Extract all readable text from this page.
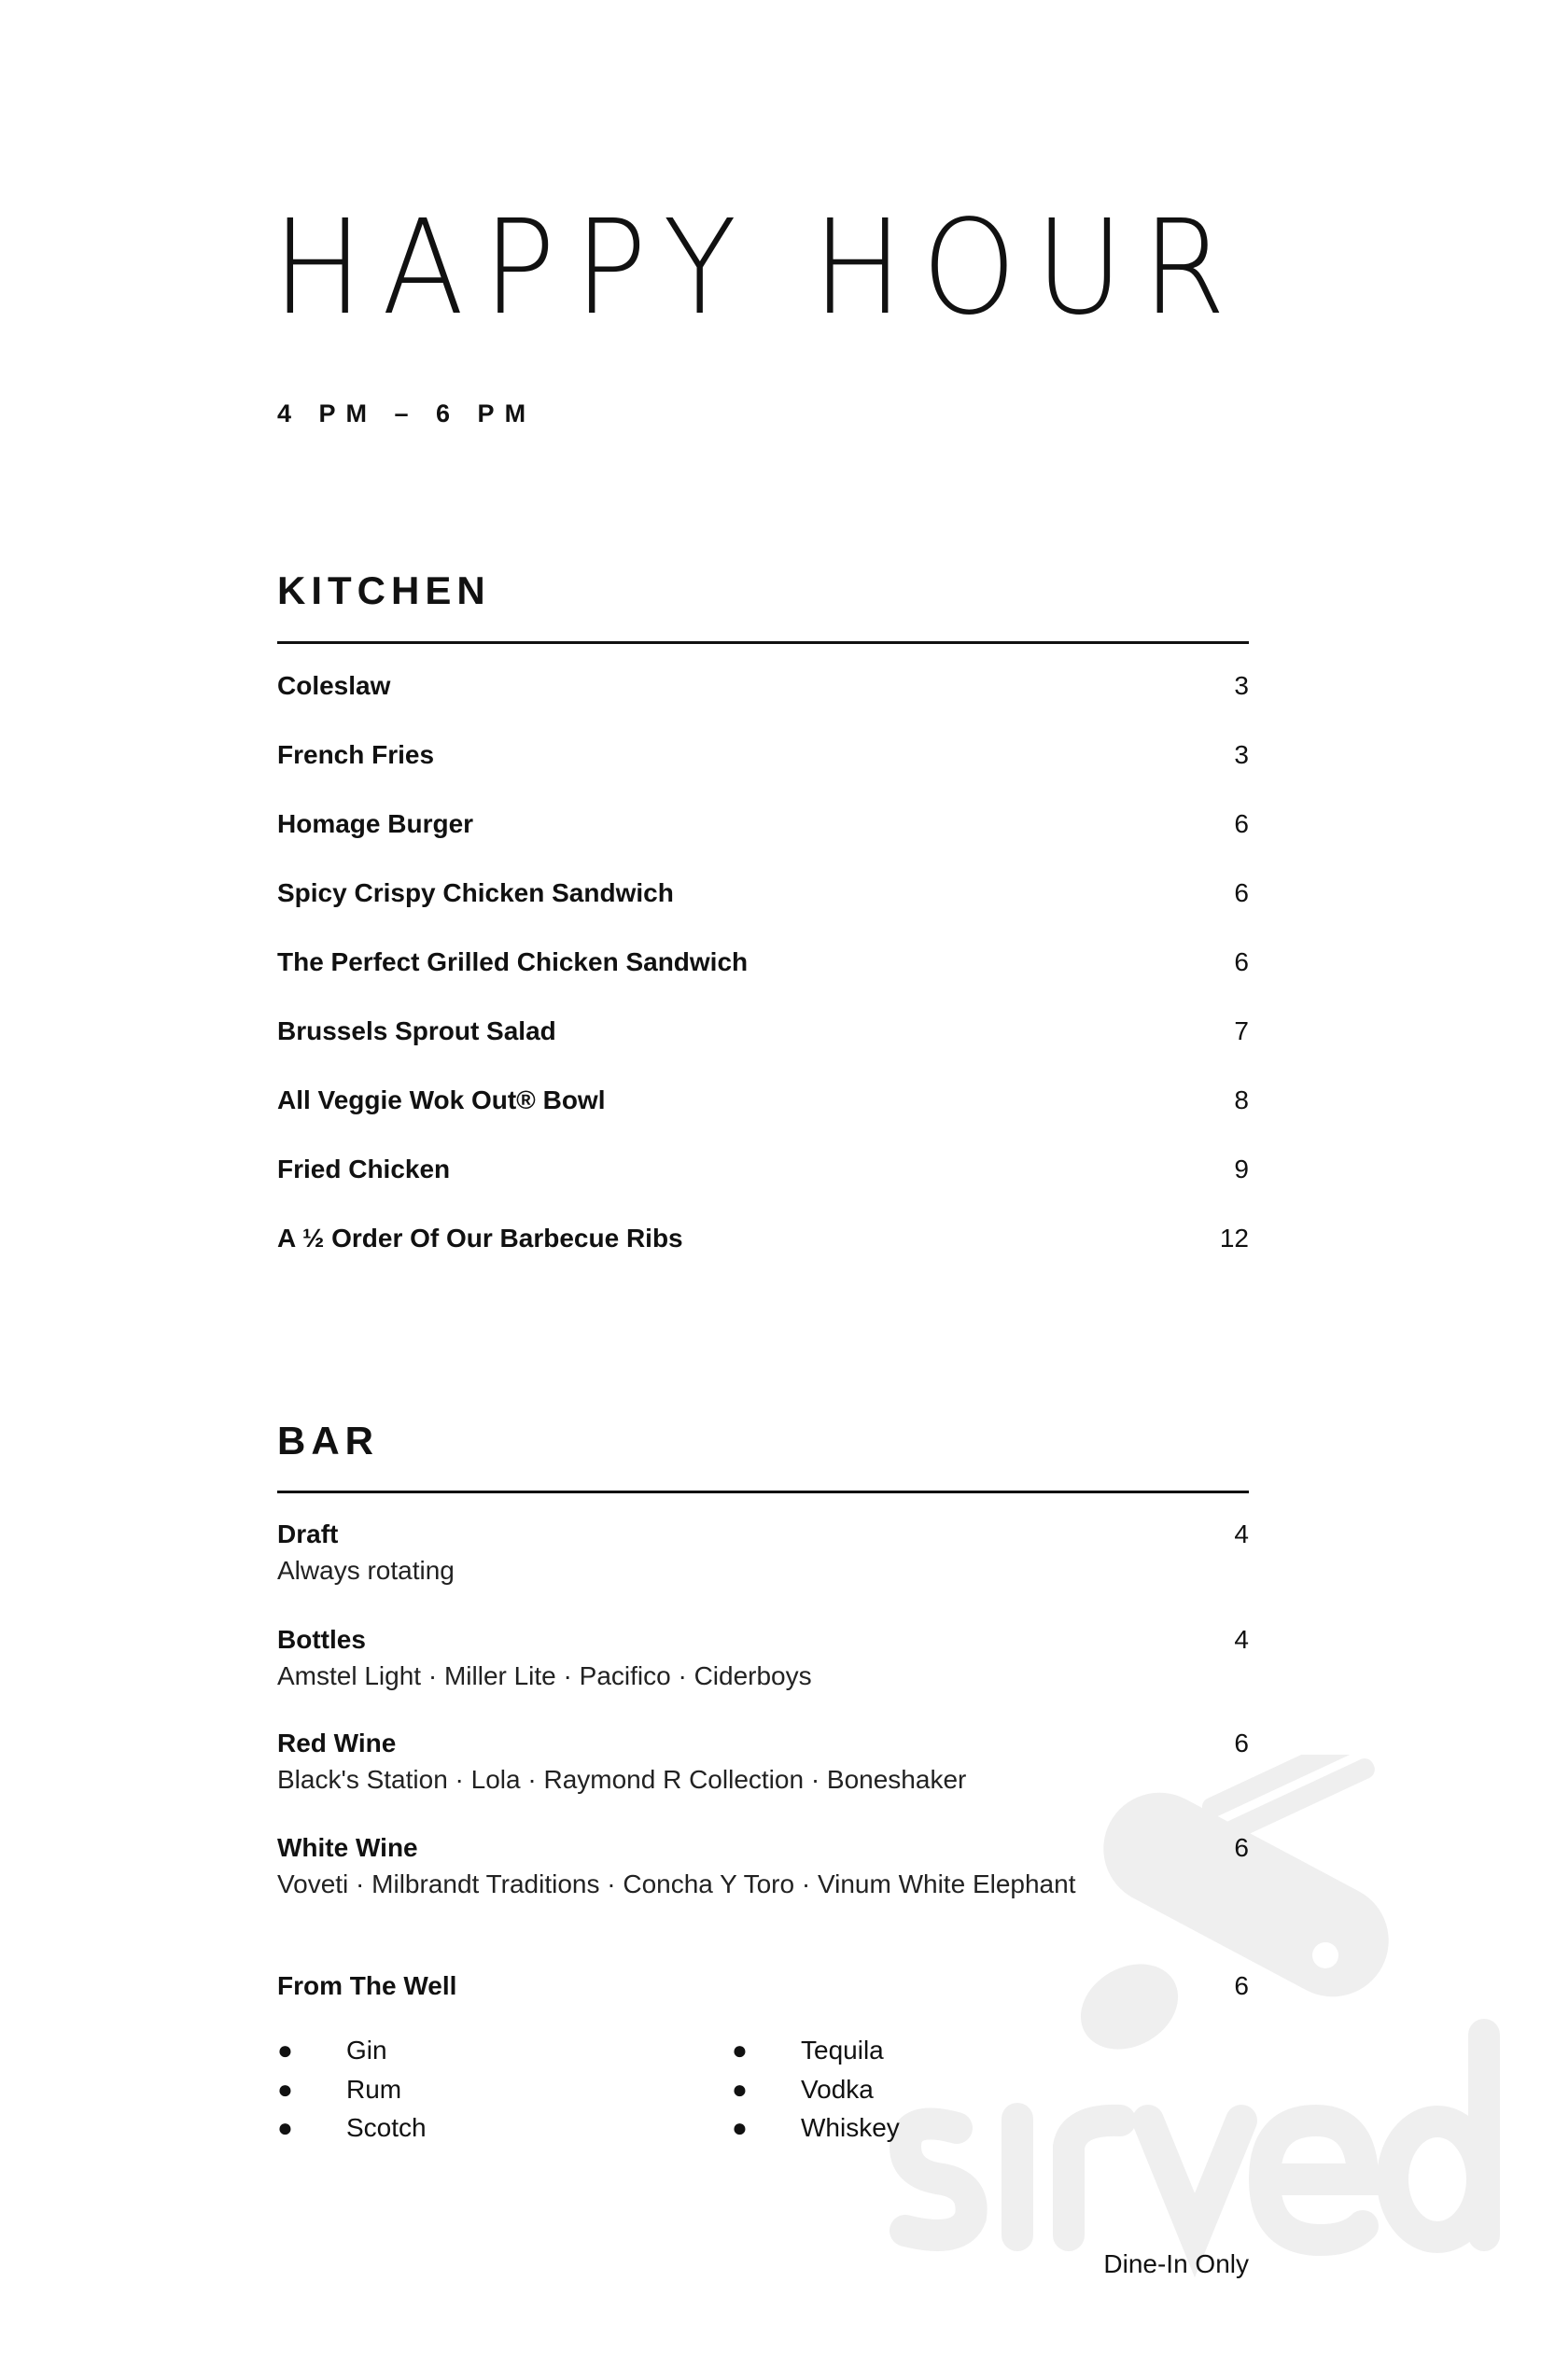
HAPPY HOUR
4 PM – 6 PM
KITCHEN
Coleslaw	3
French Fries	3
Homage Burger	6
Spicy Crispy Chicken Sandwich	6
The Perfect Grilled Chicken Sandwich	6
Brussels Sprout Salad	7
All Veggie Wok Out® Bowl	8
Fried Chicken	9
A ½ Order Of Our Barbecue Ribs	12
BAR
Draft	4
Always rotating
Bottles	4
Amstel Light · Miller Lite · Pacifico · Ciderboys
Red Wine	6
Black's Station · Lola · Raymond R Collection · Boneshaker
White Wine	6
Voveti · Milbrandt Traditions · Concha Y Toro · Vinum White Elephant
From The Well	6
● Gin
● Rum
● Scotch
● Tequila
● Vodka
● Whiskey
Dine-In Only
